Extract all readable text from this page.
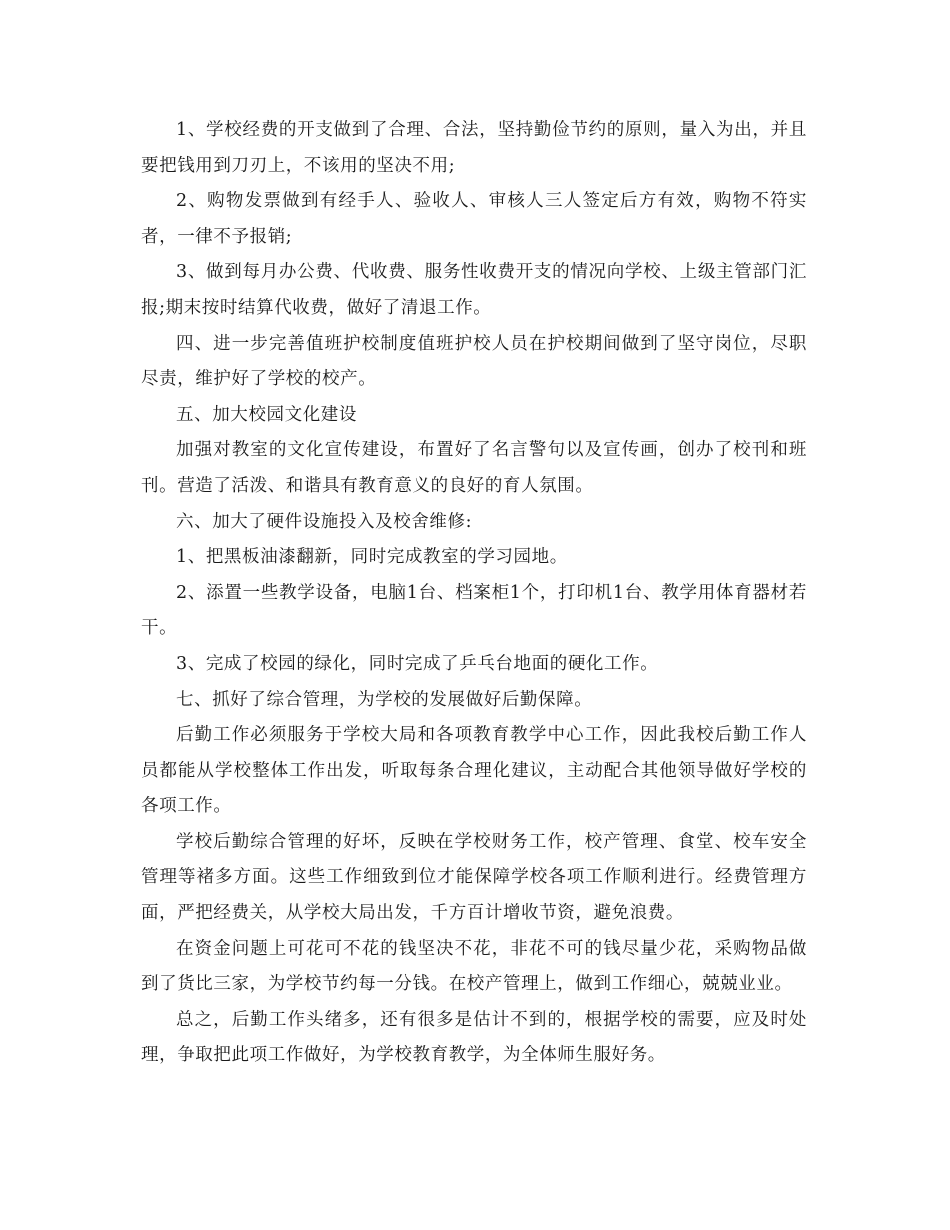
1、学校经费的开支做到了合理、合法，坚持勤俭节约的原则，量入为出，并且要把钱用到刀刃上，不该用的坚决不用;

2、购物发票做到有经手人、验收人、审核人三人签定后方有效，购物不符实者，一律不予报销;

3、做到每月办公费、代收费、服务性收费开支的情况向学校、上级主管部门汇报;期末按时结算代收费，做好了清退工作。

四、进一步完善值班护校制度值班护校人员在护校期间做到了坚守岗位，尽职尽责，维护好了学校的校产。

五、加大校园文化建设

加强对教室的文化宣传建设，布置好了名言警句以及宣传画，创办了校刊和班刊。营造了活泼、和谐具有教育意义的良好的育人氛围。

六、加大了硬件设施投入及校舍维修:

1、把黑板油漆翻新，同时完成教室的学习园地。

2、添置一些教学设备，电脑1台、档案柜1个，打印机1台、教学用体育器材若干。

3、完成了校园的绿化，同时完成了乒乓台地面的硬化工作。

七、抓好了综合管理，为学校的发展做好后勤保障。

后勤工作必须服务于学校大局和各项教育教学中心工作，因此我校后勤工作人员都能从学校整体工作出发，听取每条合理化建议，主动配合其他领导做好学校的各项工作。

学校后勤综合管理的好坏，反映在学校财务工作，校产管理、食堂、校车安全管理等褚多方面。这些工作细致到位才能保障学校各项工作顺利进行。经费管理方面，严把经费关，从学校大局出发，千方百计增收节资，避免浪费。

在资金问题上可花可不花的钱坚决不花，非花不可的钱尽量少花，采购物品做到了货比三家，为学校节约每一分钱。在校产管理上，做到工作细心，兢兢业业。

总之，后勤工作头绪多，还有很多是估计不到的，根据学校的需要，应及时处理，争取把此项工作做好，为学校教育教学，为全体师生服好务。
